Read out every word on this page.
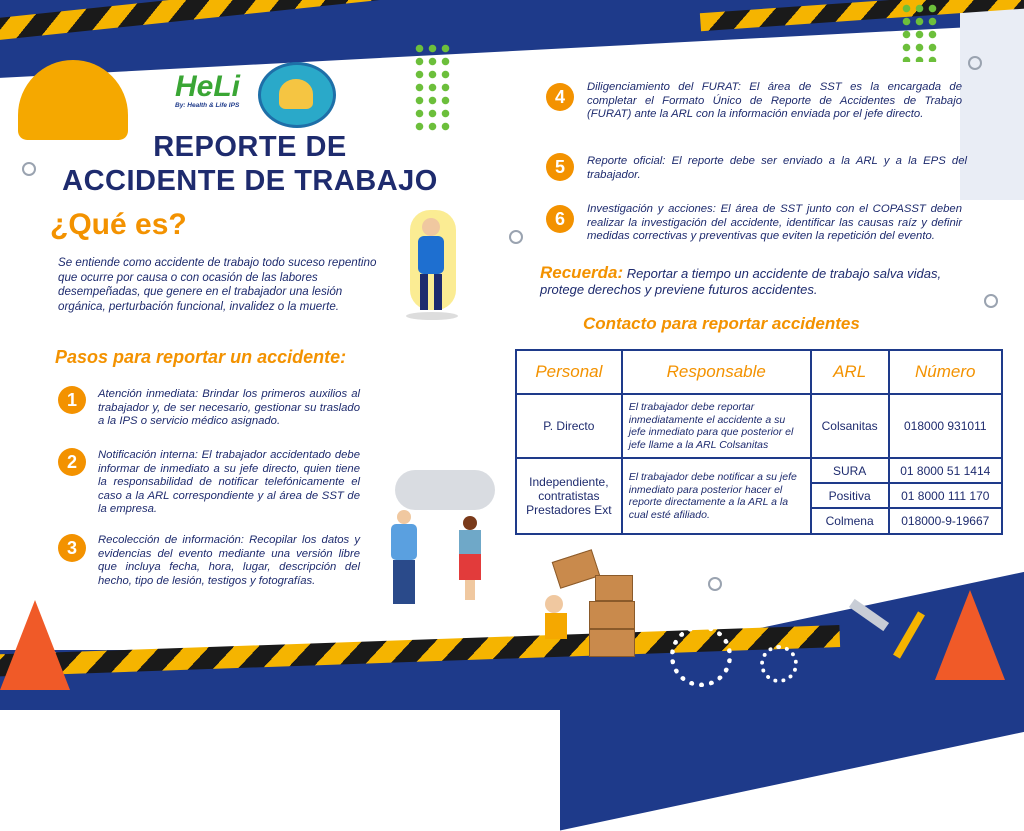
HeLi
By: Health & Life IPS
REPORTE DE
ACCIDENTE DE TRABAJO
¿Qué es?
Se entiende como accidente de trabajo todo suceso repentino que ocurre por causa o con ocasión de las labores desempeñadas, que genere en el trabajador una lesión orgánica, perturbación funcional, invalidez o la muerte.
Pasos para reportar un accidente:
1	Atención inmediata: Brindar los primeros auxilios al trabajador y, de ser necesario, gestionar su traslado a la IPS o servicio médico asignado.
2	Notificación interna: El trabajador accidentado debe informar de inmediato a su jefe directo, quien tiene la responsabilidad de notificar telefónicamente el caso a la ARL correspondiente y al área de SST de la empresa.
3	Recolección de información: Recopilar los datos y evidencias del evento mediante una versión libre que incluya fecha, hora, lugar, descripción del hecho, tipo de lesión, testigos y fotografías.
4	Diligenciamiento del FURAT: El área de SST es la encargada de completar el Formato Único de Reporte de Accidentes de Trabajo (FURAT) ante la ARL con la información enviada por el jefe directo.
5	Reporte oficial: El reporte debe ser enviado a la ARL y a la EPS del trabajador.
6	Investigación y acciones: El área de SST junto con el COPASST deben realizar la investigación del accidente, identificar las causas raíz y definir medidas correctivas y preventivas que eviten la repetición del evento.
Recuerda: Reportar a tiempo un accidente de trabajo salva vidas, protege derechos y previene futuros accidentes.
Contacto para reportar accidentes
Personal	Responsable	ARL	Número
P. Directo	El trabajador debe reportar inmediatamente el accidente a su jefe inmediato para que posterior el jefe llame a la ARL Colsanitas	Colsanitas	018000 931011
Independiente, contratistas Prestadores Ext	El trabajador debe notificar a su jefe inmediato para posterior hacer el reporte directamente a la ARL a la cual esté afiliado.	SURA	01 8000 51 1414
		Positiva	01 8000 111 170
		Colmena	018000-9-19667
